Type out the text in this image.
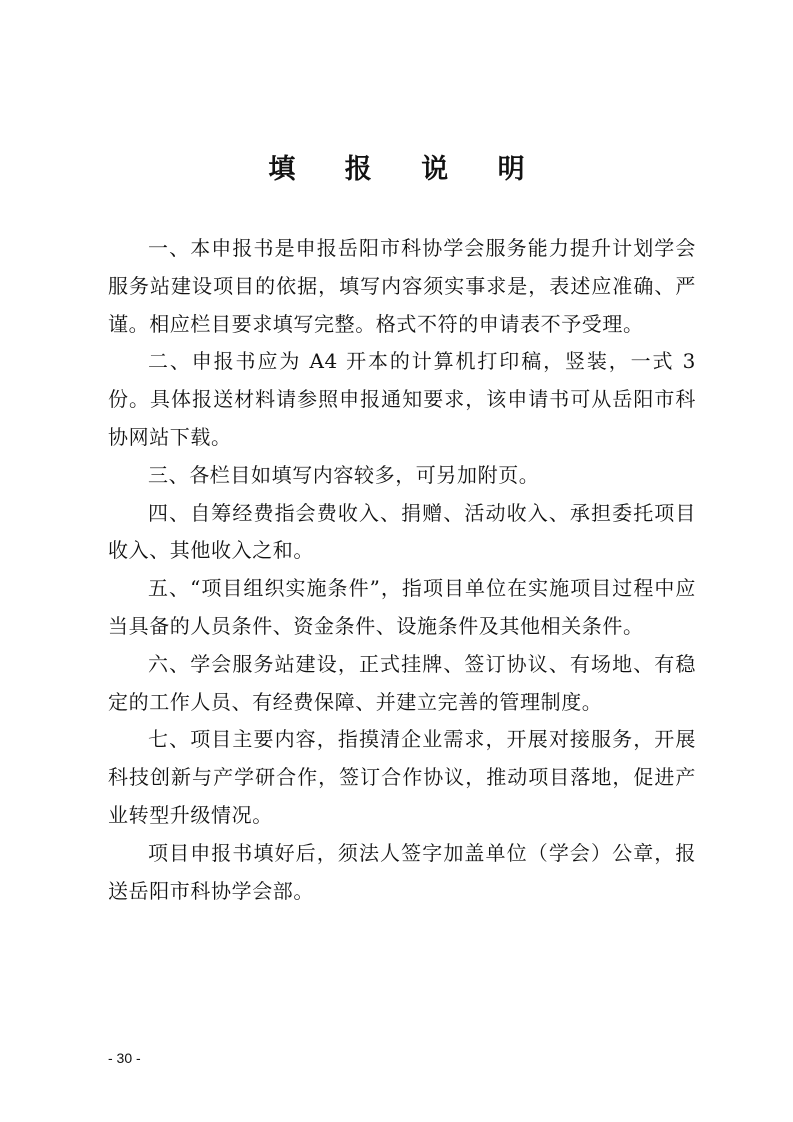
填 报 说 明

一、本申报书是申报岳阳市科协学会服务能力提升计划学会服务站建设项目的依据，填写内容须实事求是，表述应准确、严谨。相应栏目要求填写完整。格式不符的申请表不予受理。

二、申报书应为 A4 开本的计算机打印稿，竖装，一式 3 份。具体报送材料请参照申报通知要求，该申请书可从岳阳市科协网站下载。

三、各栏目如填写内容较多，可另加附页。

四、自筹经费指会费收入、捐赠、活动收入、承担委托项目收入、其他收入之和。

五、“项目组织实施条件”，指项目单位在实施项目过程中应当具备的人员条件、资金条件、设施条件及其他相关条件。

六、学会服务站建设，正式挂牌、签订协议、有场地、有稳定的工作人员、有经费保障、并建立完善的管理制度。

七、项目主要内容，指摸清企业需求，开展对接服务，开展科技创新与产学研合作，签订合作协议，推动项目落地，促进产业转型升级情况。

项目申报书填好后，须法人签字加盖单位（学会）公章，报送岳阳市科协学会部。

- 30 -
